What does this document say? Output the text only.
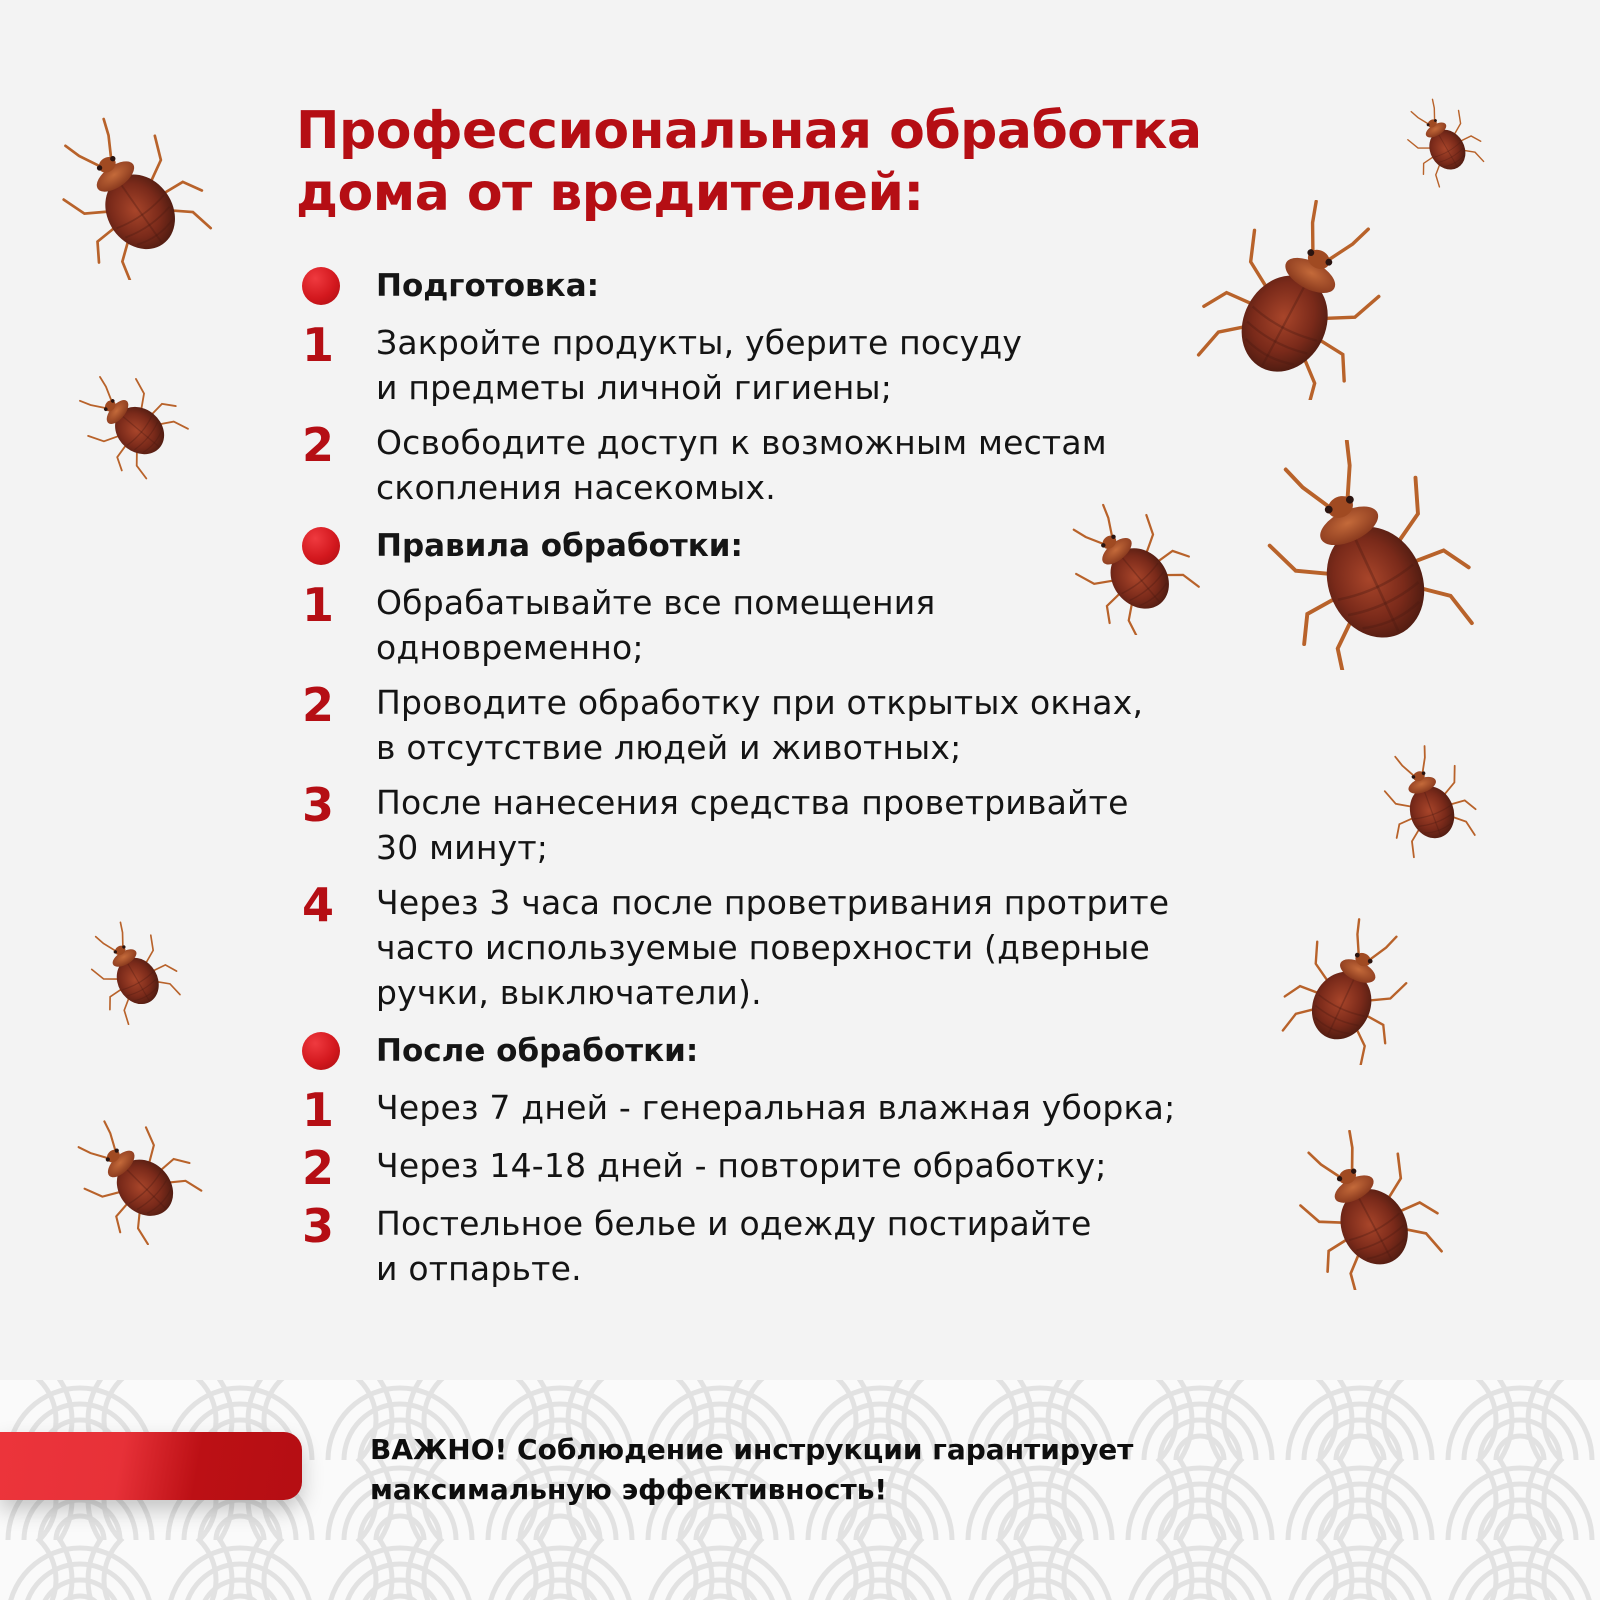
Профессиональная обработка
дома от вредителей:
Подготовка:
1	Закройте продукты, уберите посуду
и предметы личной гигиены;
2	Освободите доступ к возможным местам
скопления насекомых.
Правила обработки:
1	Обрабатывайте все помещения
одновременно;
2	Проводите обработку при открытых окнах,
в отсутствие людей и животных;
3	После нанесения средства проветривайте
30 минут;
4	Через 3 часа после проветривания протрите
часто используемые поверхности (дверные
ручки, выключатели).
После обработки:
1	Через 7 дней - генеральная влажная уборка;
2	Через 14-18 дней - повторите обработку;
3	Постельное белье и одежду постирайте
и отпарьте.
ВАЖНО! Соблюдение инструкции гарантирует
максимальную эффективность!
